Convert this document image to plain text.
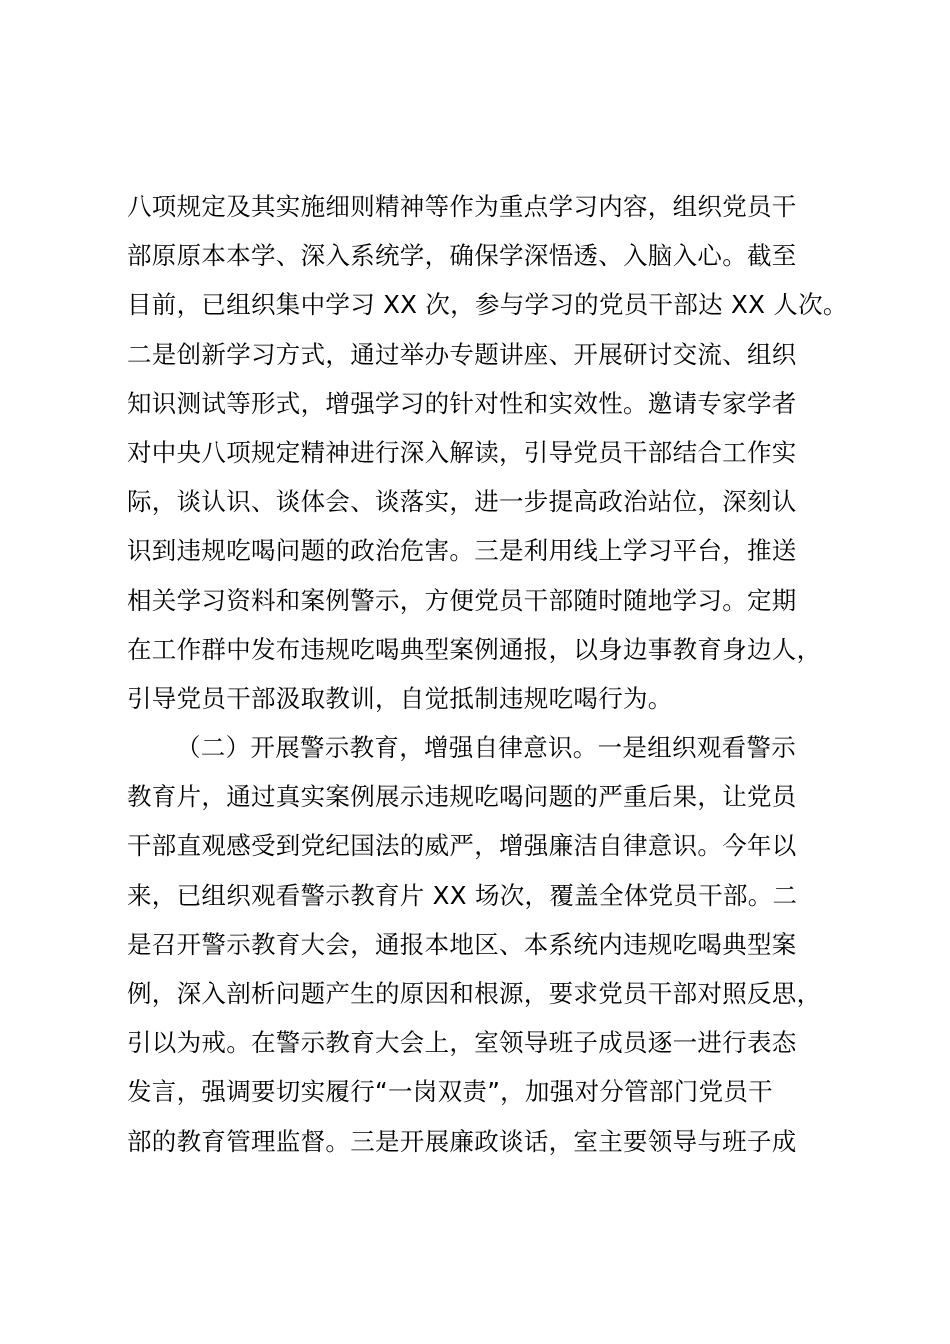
八项规定及其实施细则精神等作为重点学习内容，组织党员干
部原原本本学、深入系统学，确保学深悟透、入脑入心。截至
目前，已组织集中学习 XX 次，参与学习的党员干部达 XX 人次。
二是创新学习方式，通过举办专题讲座、开展研讨交流、组织
知识测试等形式，增强学习的针对性和实效性。邀请专家学者
对中央八项规定精神进行深入解读，引导党员干部结合工作实
际，谈认识、谈体会、谈落实，进一步提高政治站位，深刻认
识到违规吃喝问题的政治危害。三是利用线上学习平台，推送
相关学习资料和案例警示，方便党员干部随时随地学习。定期
在工作群中发布违规吃喝典型案例通报，以身边事教育身边人，
引导党员干部汲取教训，自觉抵制违规吃喝行为。
（二）开展警示教育，增强自律意识。一是组织观看警示
教育片，通过真实案例展示违规吃喝问题的严重后果，让党员
干部直观感受到党纪国法的威严，增强廉洁自律意识。今年以
来，已组织观看警示教育片 XX 场次，覆盖全体党员干部。二
是召开警示教育大会，通报本地区、本系统内违规吃喝典型案
例，深入剖析问题产生的原因和根源，要求党员干部对照反思，
引以为戒。在警示教育大会上，室领导班子成员逐一进行表态
发言，强调要切实履行“一岗双责”，加强对分管部门党员干
部的教育管理监督。三是开展廉政谈话，室主要领导与班子成
